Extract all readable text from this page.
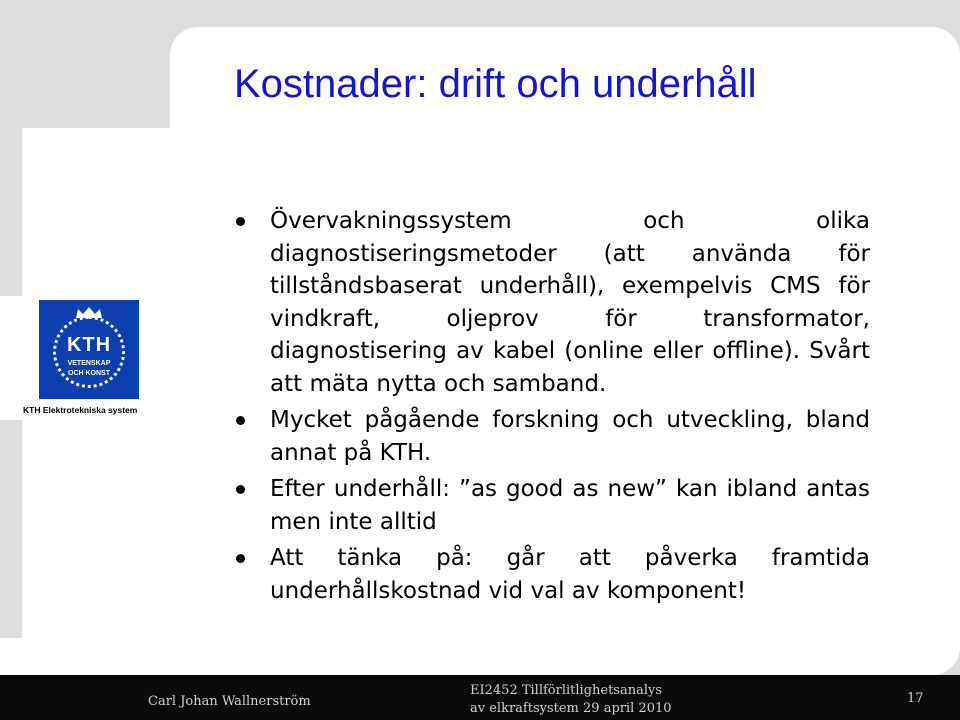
Kostnader: drift och underhåll
KTH
VETENSKAP
OCH KONST
KTH Elektrotekniska system
Övervakningssystem och olika diagnostiseringsmetoder (att använda för tillståndsbaserat underhåll), exempelvis CMS för vindkraft, oljeprov för transformator, diagnostisering av kabel (online eller offline). Svårt att mäta nytta och samband.
Mycket pågående forskning och utveckling, bland annat på KTH.
Efter underhåll: ”as good as new” kan ibland antas men inte alltid
Att tänka på: går att påverka framtida underhållskostnad vid val av komponent!
Carl Johan Wallnerström
EI2452 Tillförlitlighetsanalys
av elkraftsystem 29 april 2010
17
